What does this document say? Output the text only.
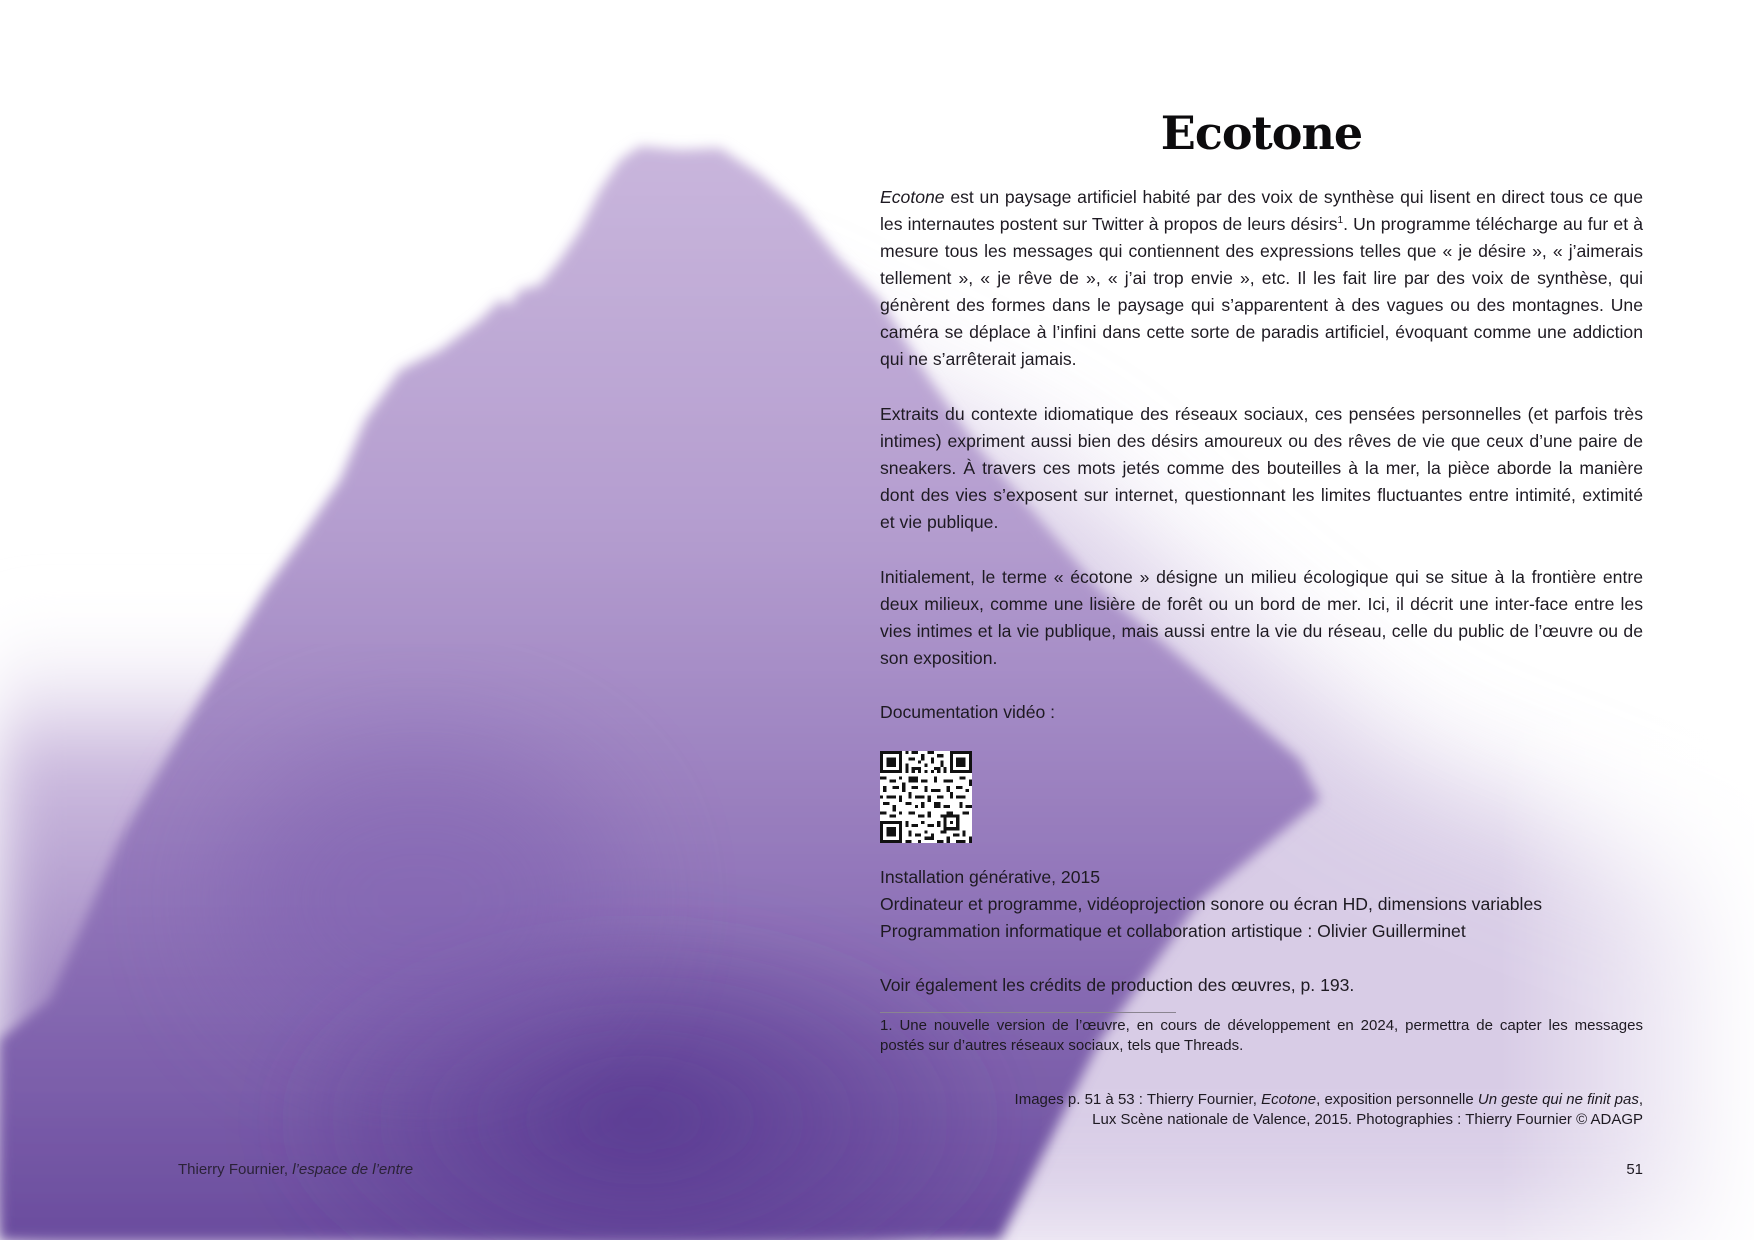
Ecotone

Ecotone est un paysage artificiel habité par des voix de synthèse qui lisent en direct tous ce que les internautes postent sur Twitter à propos de leurs désirs$^1$. Un programme télécharge au fur et à mesure tous les messages qui contiennent des expressions telles que « je désire », « j’aimerais tellement », « je rêve de », « j’ai trop envie », etc. Il les fait lire par des voix de synthèse, qui génèrent des formes dans le paysage qui s’apparentent à des vagues ou des montagnes. Une caméra se déplace à l’infini dans cette sorte de paradis artificiel, évoquant comme une addiction qui ne s’arrêterait jamais.

Extraits du contexte idiomatique des réseaux sociaux, ces pensées personnelles (et parfois très intimes) expriment aussi bien des désirs amoureux ou des rêves de vie que ceux d’une paire de sneakers. À travers ces mots jetés comme des bouteilles à la mer, la pièce aborde la manière dont des vies s’exposent sur internet, questionnant les limites fluctuantes entre intimité, extimité et vie publique.

Initialement, le terme « écotone » désigne un milieu écologique qui se situe à la frontière entre deux milieux, comme une lisière de forêt ou un bord de mer. Ici, il décrit une inter-face entre les vies intimes et la vie publique, mais aussi entre la vie du réseau, celle du public de l’œuvre ou de son exposition.

Documentation vidéo :

Installation générative, 2015
Ordinateur et programme, vidéoprojection sonore ou écran HD, dimensions variables
Programmation informatique et collaboration artistique : Olivier Guillerminet
Voir également les crédits de production des œuvres, p. 193.

1. Une nouvelle version de l’œuvre, en cours de développement en 2024, permettra de capter les messages postés sur d’autres réseaux sociaux, tels que Threads.

Images p. 51 à 53 : Thierry Fournier, Ecotone, exposition personnelle Un geste qui ne finit pas,
Lux Scène nationale de Valence, 2015. Photographies : Thierry Fournier © ADAGP

Thierry Fournier, l’espace de l’entre	51
